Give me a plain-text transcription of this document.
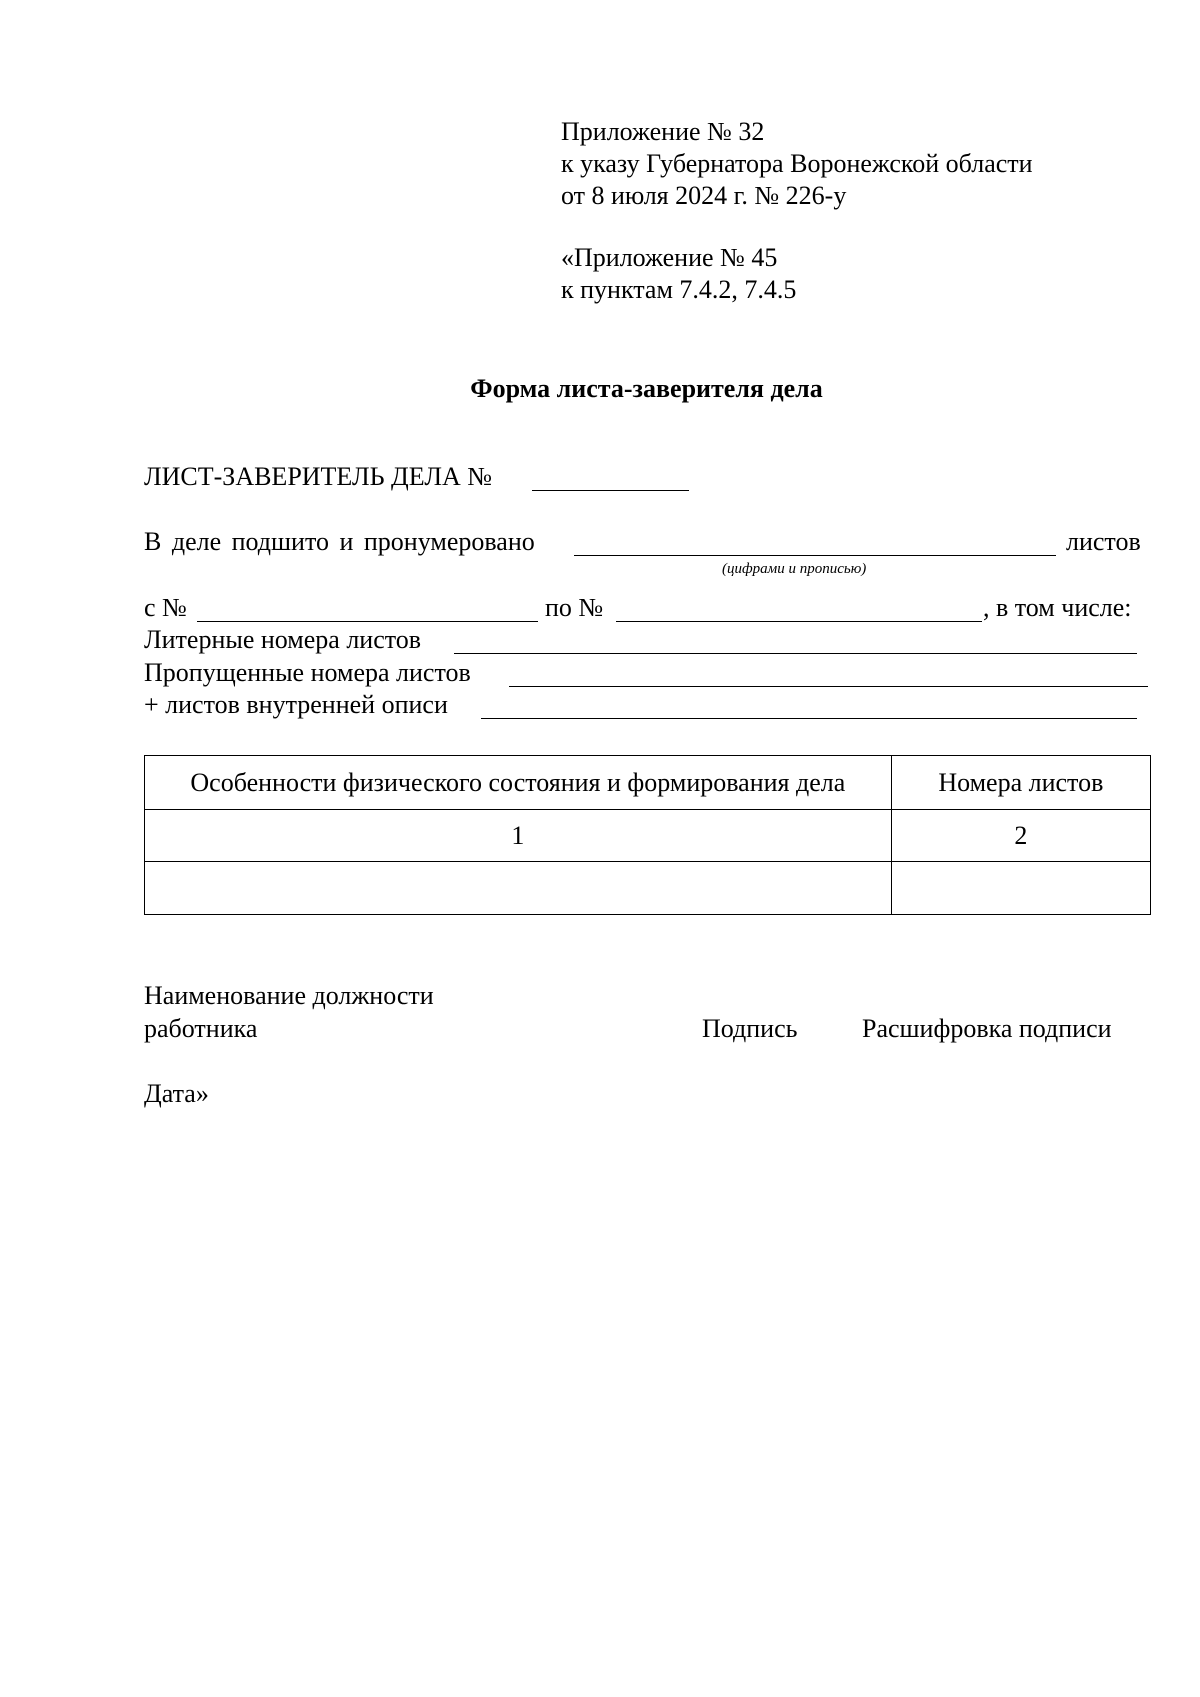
Приложение № 32
к указу Губернатора Воронежской области
от 8 июля 2024 г. № 226-у
«Приложение № 45
к пунктам 7.4.2, 7.4.5
Форма листа-заверителя дела
ЛИСТ-ЗАВЕРИТЕЛЬ ДЕЛА №
В деле подшито и пронумеровано	листов
(цифрами и прописью)
с №	по №	, в том числе:
Литерные номера листов
Пропущенные номера листов
+ листов внутренней описи
Особенности физического состояния и формирования дела	Номера листов
1	2

Наименование должности
работника	Подпись Расшифровка подписи
Дата»
